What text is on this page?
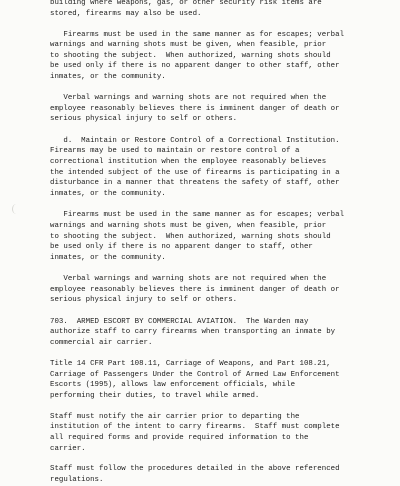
building where weapons, gas, or other security risk items are
stored, firearms may also be used.
Firearms must be used in the same manner as for escapes; verbal
warnings and warning shots must be given, when feasible, prior
to shooting the subject.  When authorized, warning shots should
be used only if there is no apparent danger to other staff, other
inmates, or the community.
Verbal warnings and warning shots are not required when the
employee reasonably believes there is imminent danger of death or
serious physical injury to self or others.
d.  Maintain or Restore Control of a Correctional Institution.
Firearms may be used to maintain or restore control of a
correctional institution when the employee reasonably believes
the intended subject of the use of firearms is participating in a
disturbance in a manner that threatens the safety of staff, other
inmates, or the community.
Firearms must be used in the same manner as for escapes; verbal
warnings and warning shots must be given, when feasible, prior
to shooting the subject.  When authorized, warning shots should
be used only if there is no apparent danger to staff, other
inmates, or the community.
Verbal warnings and warning shots are not required when the
employee reasonably believes there is imminent danger of death or
serious physical injury to self or others.
703.  ARMED ESCORT BY COMMERCIAL AVIATION.  The Warden may
authorize staff to carry firearms when transporting an inmate by
commercial air carrier.
Title 14 CFR Part 108.11, Carriage of Weapons, and Part 108.21,
Carriage of Passengers Under the Control of Armed Law Enforcement
Escorts (1995), allows law enforcement officials, while
performing their duties, to travel while armed.
Staff must notify the air carrier prior to departing the
institution of the intent to carry firearms.  Staff must complete
all required forms and provide required information to the
carrier.
Staff must follow the procedures detailed in the above referenced
regulations.
